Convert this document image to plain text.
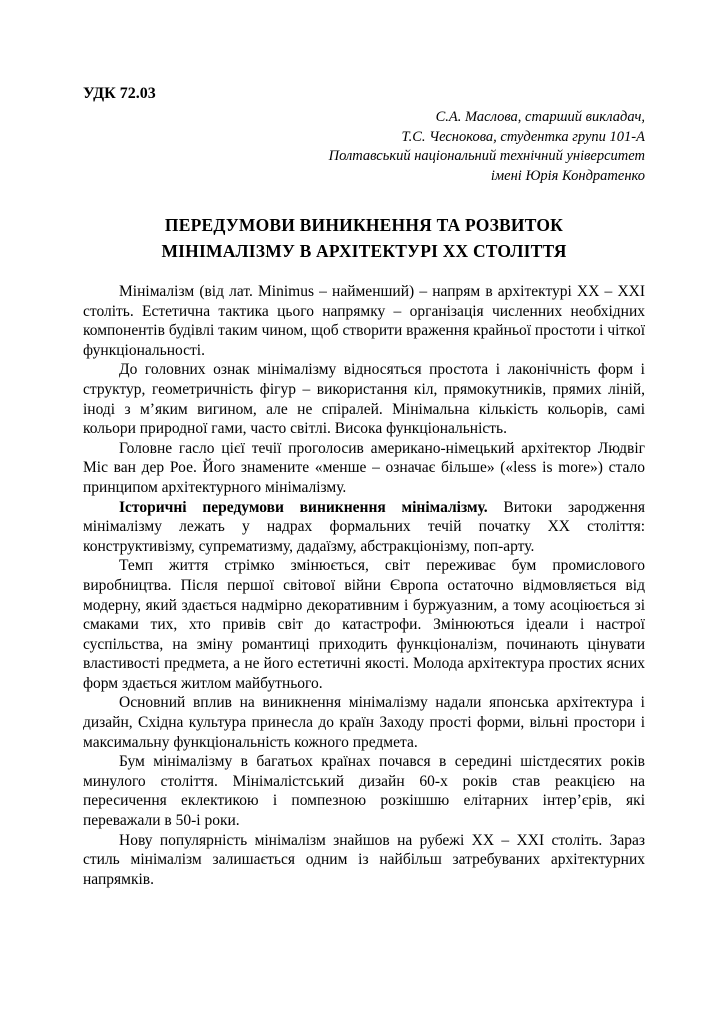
УДК 72.03
С.А. Маслова, старший викладач,
Т.С. Чеснокова, студентка групи 101-А
Полтавський національний технічний університет
імені Юрія Кондратенко
ПЕРЕДУМОВИ ВИНИКНЕННЯ ТА РОЗВИТОК
МІНІМАЛІЗМУ В АРХІТЕКТУРІ ХХ СТОЛІТТЯ

Мінімалізм (від лат. Minimus – найменший) – напрям в архітектурі ХХ – ХХІ століть. Естетична тактика цього напрямку – організація численних необхідних компонентів будівлі таким чином, щоб створити враження крайньої простоти і чіткої функціональності.

До головних ознак мінімалізму відносяться простота і лаконічність форм і структур, геометричність фігур – використання кіл, прямокутників, прямих ліній, іноді з м’яким вигином, але не спіралей. Мінімальна кількість кольорів, самі кольори природної гами, часто світлі. Висока функціональність.

Головне гасло цієї течії проголосив американо-німецький архітектор Людвіг Міс ван дер Рое. Його знамените «менше – означає більше» («less is more») стало принципом архітектурного мінімалізму.

Історичні передумови виникнення мінімалізму. Витоки зародження мінімалізму лежать у надрах формальних течій початку ХХ століття: конструктивізму, супрематизму, дадаїзму, абстракціонізму, поп-арту.

Темп життя стрімко змінюється, світ переживає бум промислового виробництва. Після першої світової війни Європа остаточно відмовляється від модерну, який здається надмірно декоративним і буржуазним, а тому асоціюється зі смаками тих, хто привів світ до катастрофи. Змінюються ідеали і настрої суспільства, на зміну романтиці приходить функціоналізм, починають цінувати властивості предмета, а не його естетичні якості. Молода архітектура простих ясних форм здається житлом майбутнього.

Основний вплив на виникнення мінімалізму надали японська архітектура і дизайн, Східна культура принесла до країн Заходу прості форми, вільні простори і максимальну функціональність кожного предмета.

Бум мінімалізму в багатьох країнах почався в середині шістдесятих років минулого століття. Мінімалістський дизайн 60-х років став реакцією на пересичення еклектикою і помпезною розкішшю елітарних інтер’єрів, які переважали в 50-і роки.

Нову популярність мінімалізм знайшов на рубежі ХХ – ХХІ століть. Зараз стиль мінімалізм залишається одним із найбільш затребуваних архітектурних напрямків.
